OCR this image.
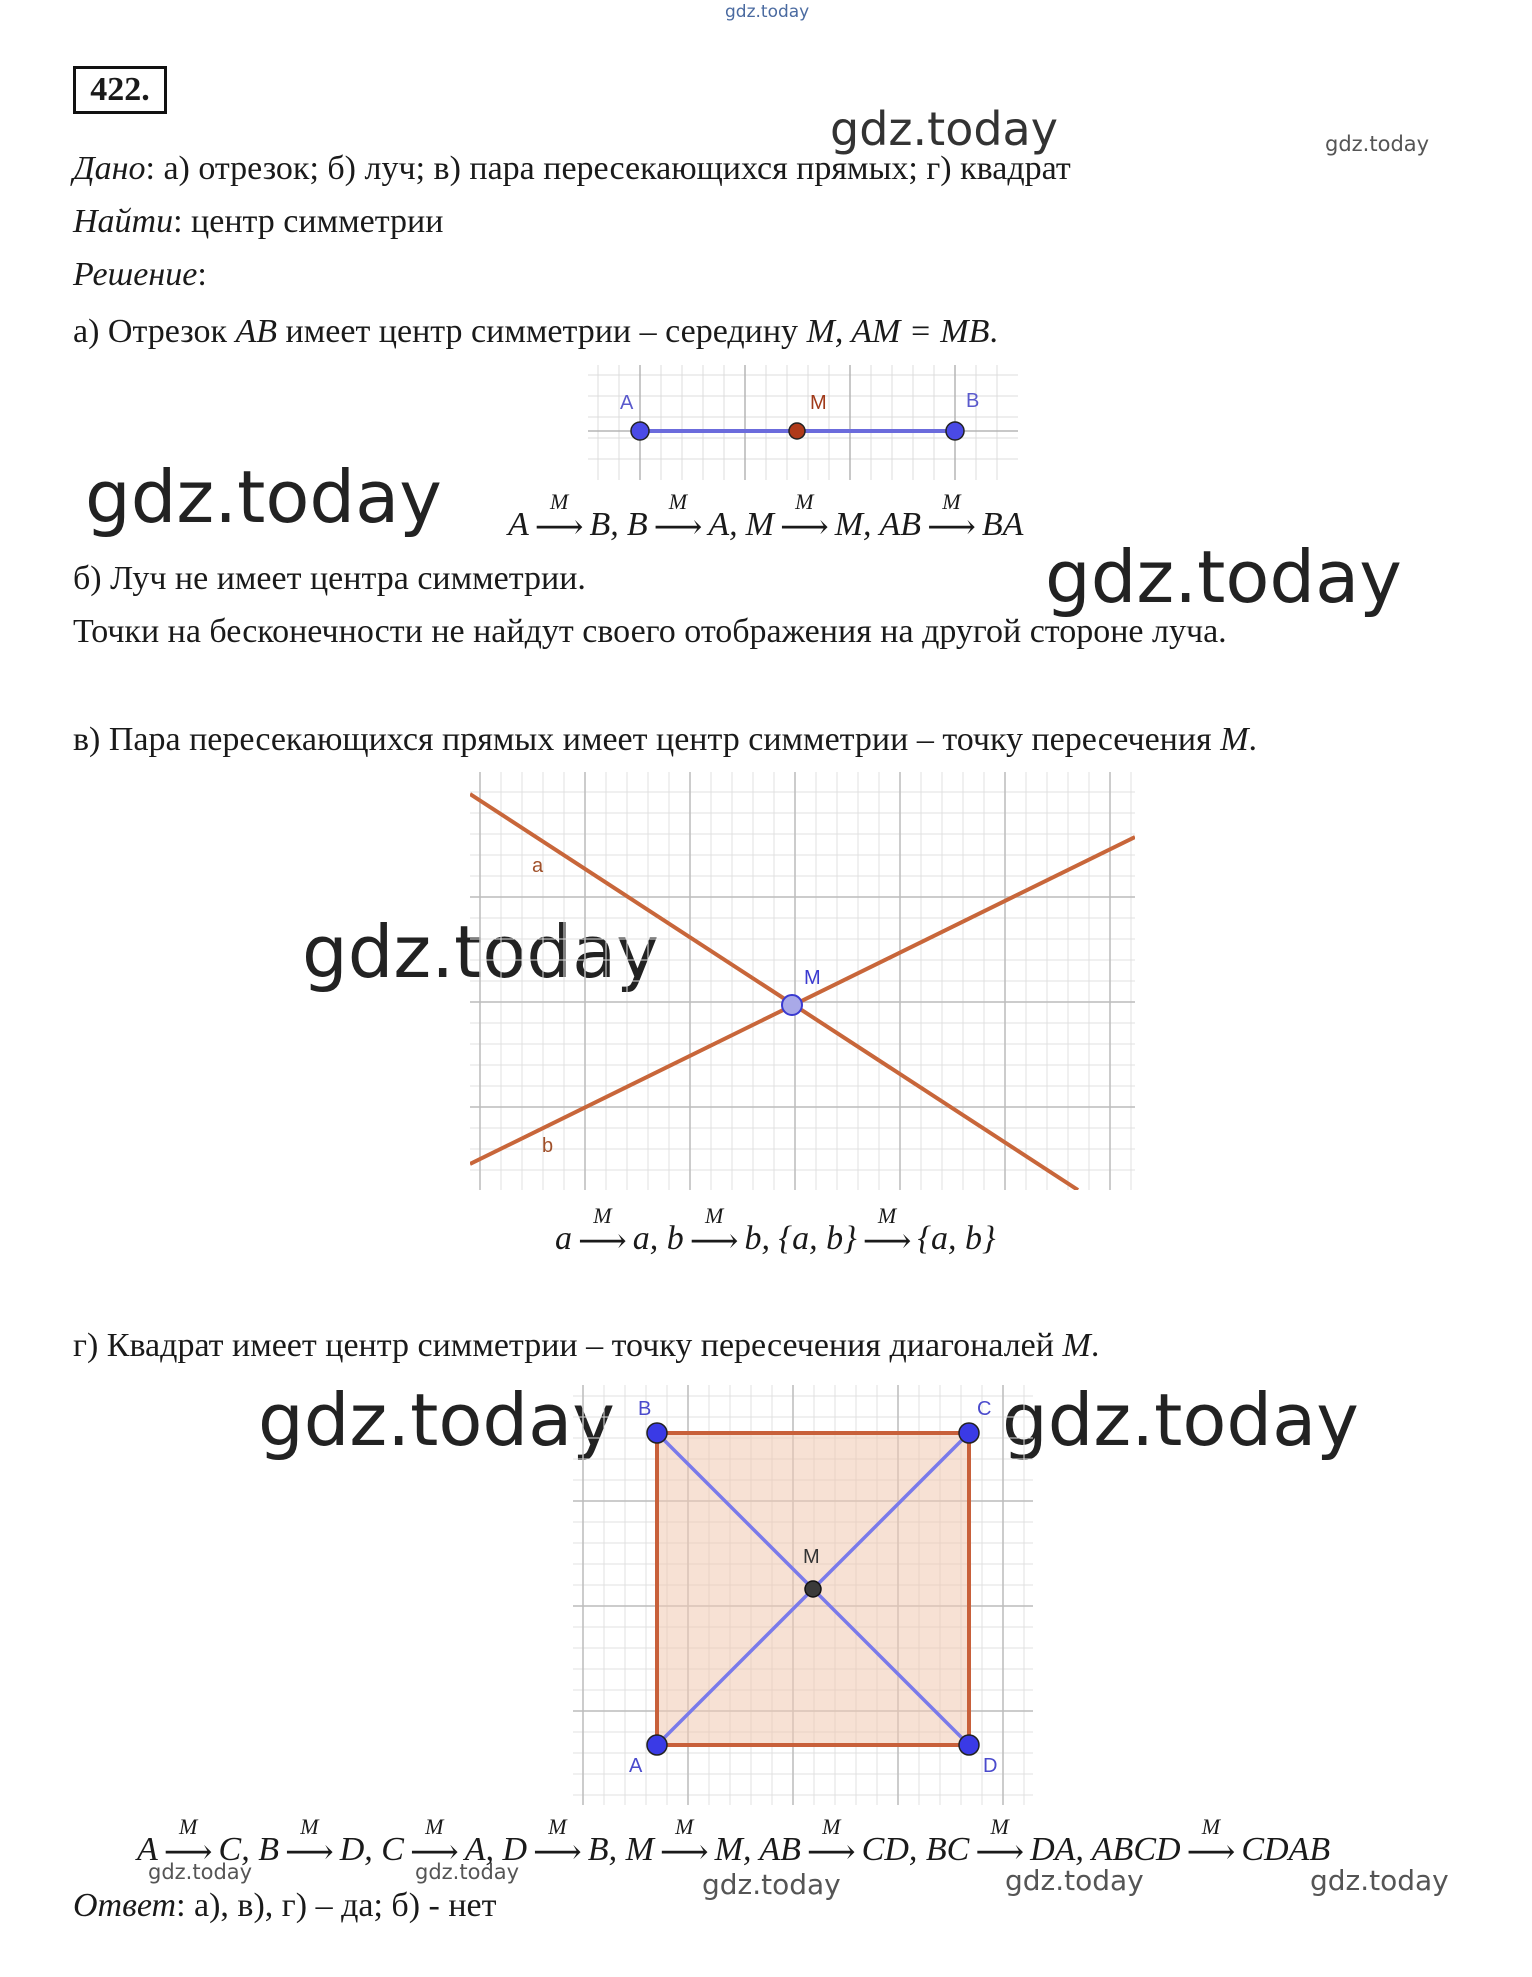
gdz.today
gdz.today	gdz.today
gdz.today
gdz.today
gdz.today
gdz.today	gdz.today
gdz.today	gdz.today	gdz.today	gdz.today	gdz.today
422.
Дано: а) отрезок; б) луч; в) пара пересекающихся прямых; г) квадрат
Найти: центр симметрии
Решение:
а) Отрезок AB имеет центр симметрии – середину M, AM = MB.
A	M	B
A
M
⟶ B, B
M
⟶ A, M
M
⟶ M, AB
M
⟶ BA
б) Луч не имеет центра симметрии.
Точки на бесконечности не найдут своего отображения на другой стороне луча.
в) Пара пересекающихся прямых имеет центр симметрии – точку пересечения M.
a
b
M
a
M
⟶ a, b
M
⟶ b, {a, b}
M
⟶ {a, b}
г) Квадрат имеет центр симметрии – точку пересечения диагоналей M.
B	C
A	D
M
A
M
⟶ C, B
M
⟶ D, C
M
⟶ A, D
M
⟶ B, M
M
⟶ M, AB
M
⟶ CD, BC
M
⟶ DA, ABCD
M
⟶ CDAB
Ответ: а), в), г) – да; б) - нет
